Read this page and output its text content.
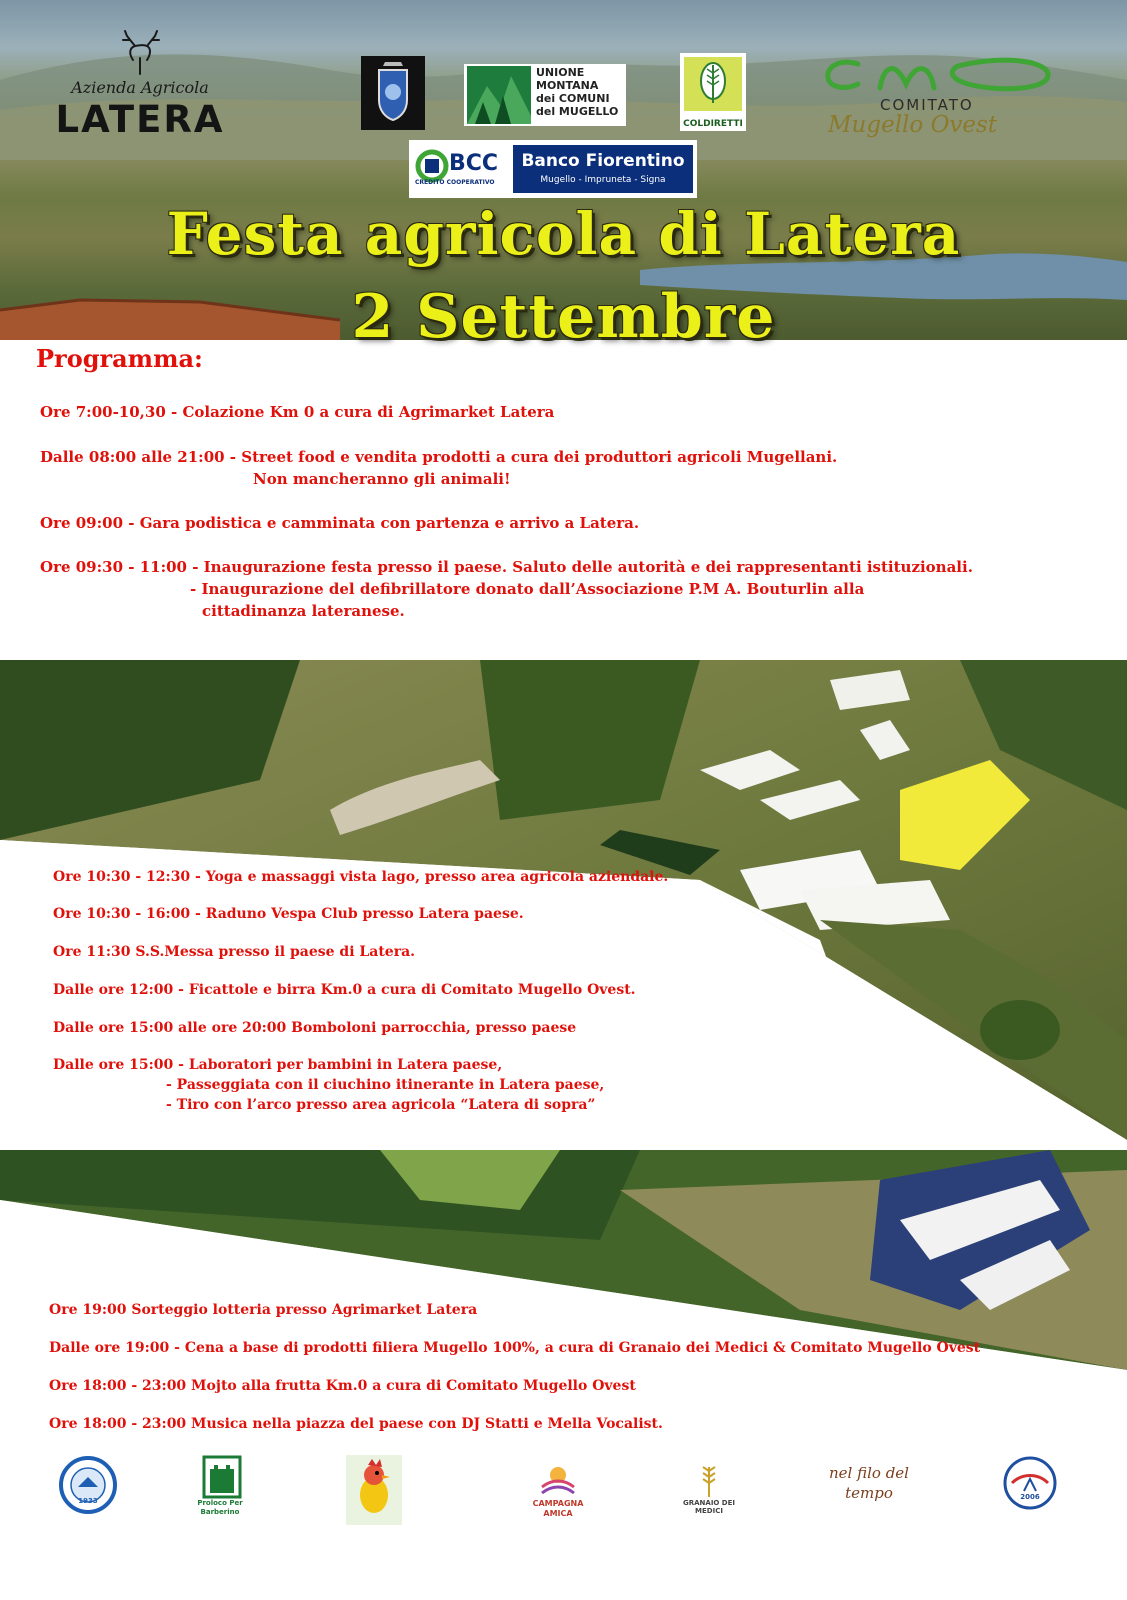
Azienda Agricola
LATERA
UNIONE
MONTANA
dei COMUNI
del MUGELLO
COLDIRETTI
COMITATO
Mugello Ovest
BCC
CREDITO COOPERATIVO
Banco Fiorentino
Mugello - Impruneta - Signa
Festa agricola di Latera
2 Settembre
Programma:
Ore 7:00-10,30 - Colazione Km 0 a cura di Agrimarket Latera
Dalle 08:00 alle 21:00 - Street food e vendita prodotti a cura dei produttori agricoli Mugellani.
Non mancheranno gli animali!
Ore 09:00 - Gara podistica e camminata con partenza e arrivo a Latera.
Ore 09:30 - 11:00 - Inaugurazione festa presso il paese. Saluto delle autorità e dei rappresentanti istituzionali.
- Inaugurazione del defibrillatore donato dall’Associazione P.M A. Bouturlin alla
cittadinanza lateranese.
Ore 10:30 - 12:30 - Yoga e massaggi vista lago, presso area agricola aziendale.
Ore 10:30 - 16:00 - Raduno Vespa Club presso Latera paese.
Ore 11:30 S.S.Messa presso il paese di Latera.
Dalle ore 12:00 - Ficattole e birra Km.0 a cura di Comitato Mugello Ovest.
Dalle ore 15:00 alle ore 20:00 Bomboloni parrocchia, presso paese
Dalle ore 15:00 - Laboratori per bambini in Latera paese,
- Passeggiata con il ciuchino itinerante in Latera paese,
- Tiro con l’arco presso area agricola “Latera di sopra”
Ore 19:00 Sorteggio lotteria presso Agrimarket Latera
Dalle ore 19:00 - Cena a base di prodotti filiera Mugello 100%, a cura di Granaio dei Medici & Comitato Mugello Ovest
Ore 18:00 - 23:00 Mojto alla frutta Km.0 a cura di Comitato Mugello Ovest
Ore 18:00 - 23:00 Musica nella piazza del paese con DJ Statti e Mella Vocalist.
1933	Proloco Per Barberino
CAMPAGNA AMICA
GRANAIO DEI MEDICI
nel filo del tempo	2006
